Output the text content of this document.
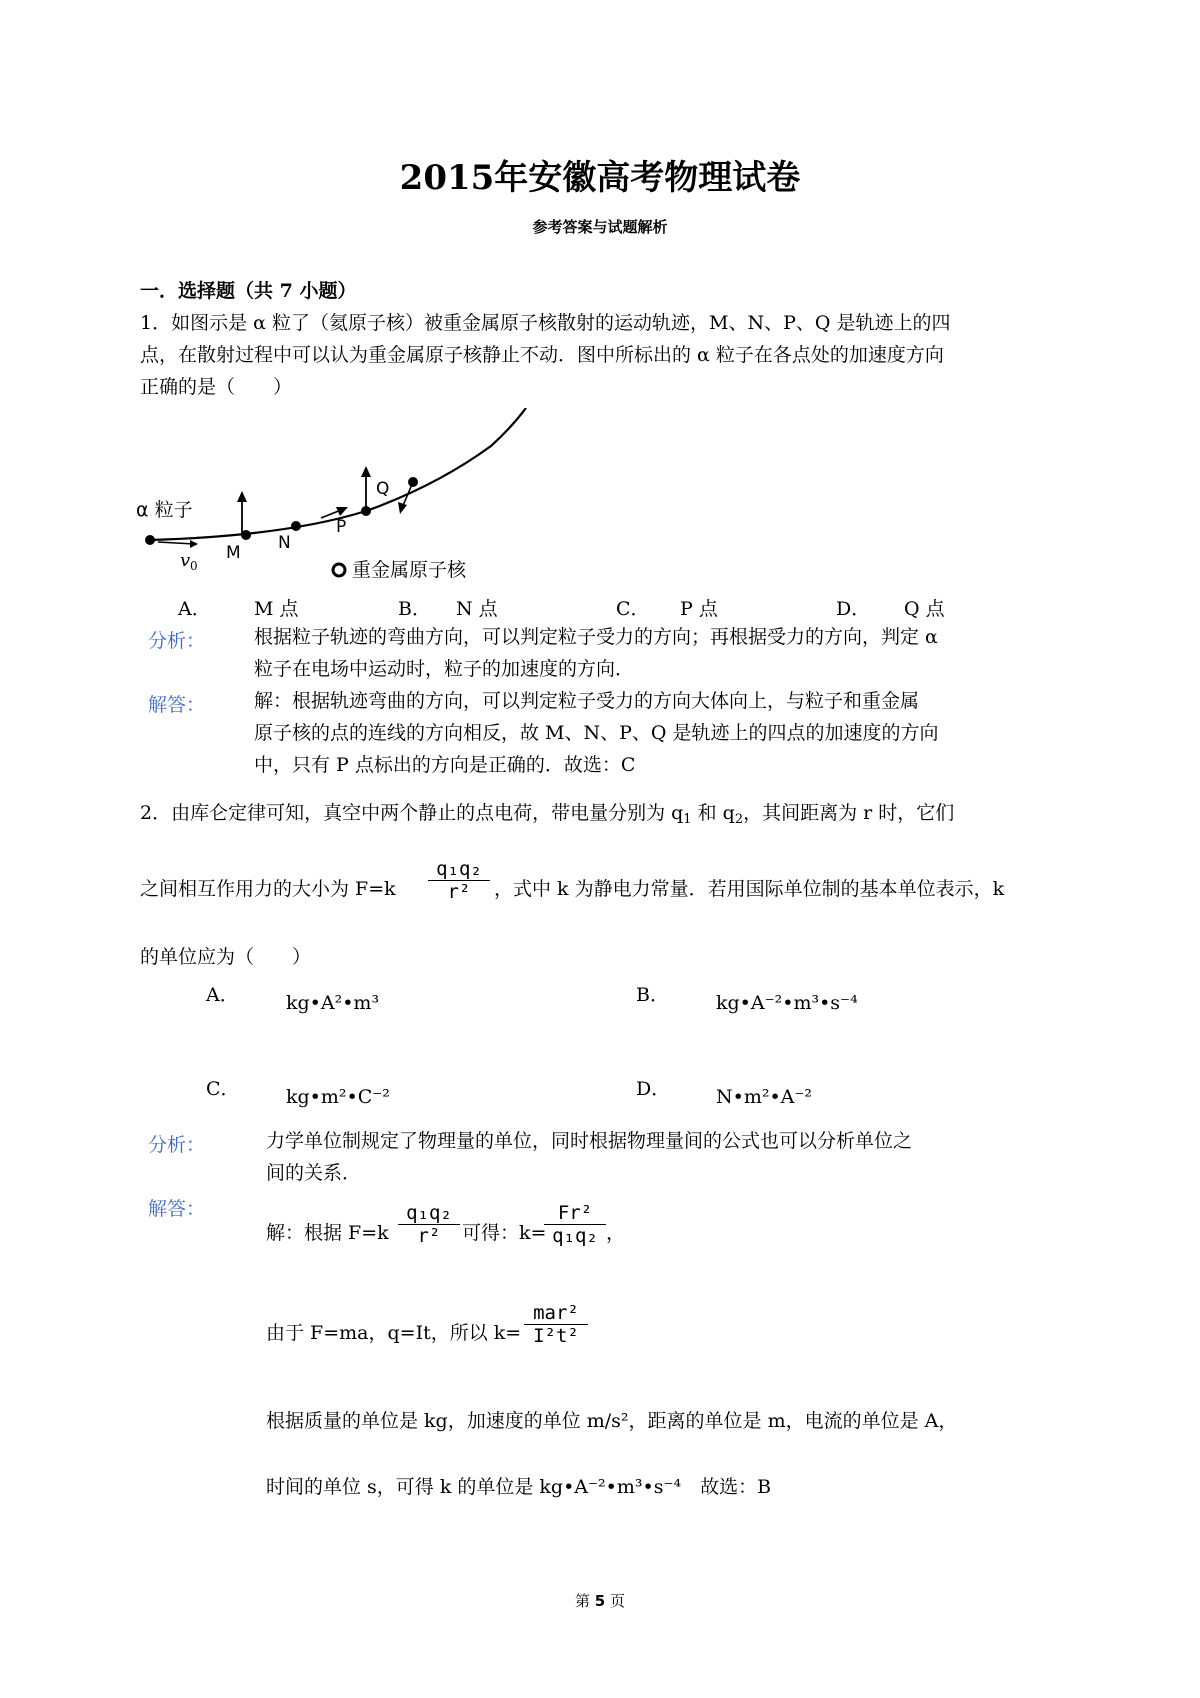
2015年安徽高考物理试卷
参考答案与试题解析
一．选择题（共 7 小题）
1．如图示是 α 粒了（氦原子核）被重金属原子核散射的运动轨迹，M、N、P、Q 是轨迹上的四
点，在散射过程中可以认为重金属原子核静止不动．图中所标出的 α 粒子在各点处的加速度方向
正确的是（　　）
α 粒子
v 0
M N
P
Q
重金属原子核
A． M 点	B． N 点	C． P 点	D． Q 点
分析：	根据粒子轨迹的弯曲方向，可以判定粒子受力的方向；再根据受力的方向，判定 α
粒子在电场中运动时，粒子的加速度的方向．
解答：	解：根据轨迹弯曲的方向，可以判定粒子受力的方向大体向上，与粒子和重金属
原子核的点的连线的方向相反，故 M、N、P、Q 是轨迹上的四点的加速度的方向
中，只有 P 点标出的方向是正确的．故选：C
2．由库仑定律可知，真空中两个静止的点电荷，带电量分别为 $q_1$ 和 $q_2$，其间距离为 r 时，它们
之间相互作用力的大小为 F=k
q₁q₂
r²	，式中 k 为静电力常量．若用国际单位制的基本单位表示，k
的单位应为（　　）
A． kg•A²•m³	B． kg•A⁻²•m³•s⁻⁴
C． kg•m²•C⁻²	D． N•m²•A⁻²
分析：	力学单位制规定了物理量的单位，同时根据物理量间的公式也可以分析单位之
间的关系．
解答：
解：根据 F=k
q₁q₂
r²	可得：k=
Fr²
q₁q₂ ，
由于 F=ma，q=It，所以 k=
mar²
I²t²
根据质量的单位是 kg，加速度的单位 m/s²，距离的单位是 m，电流的单位是 A，
时间的单位 s，可得 k 的单位是 kg•A⁻²•m³•s⁻⁴　故选：B
第 5 页
